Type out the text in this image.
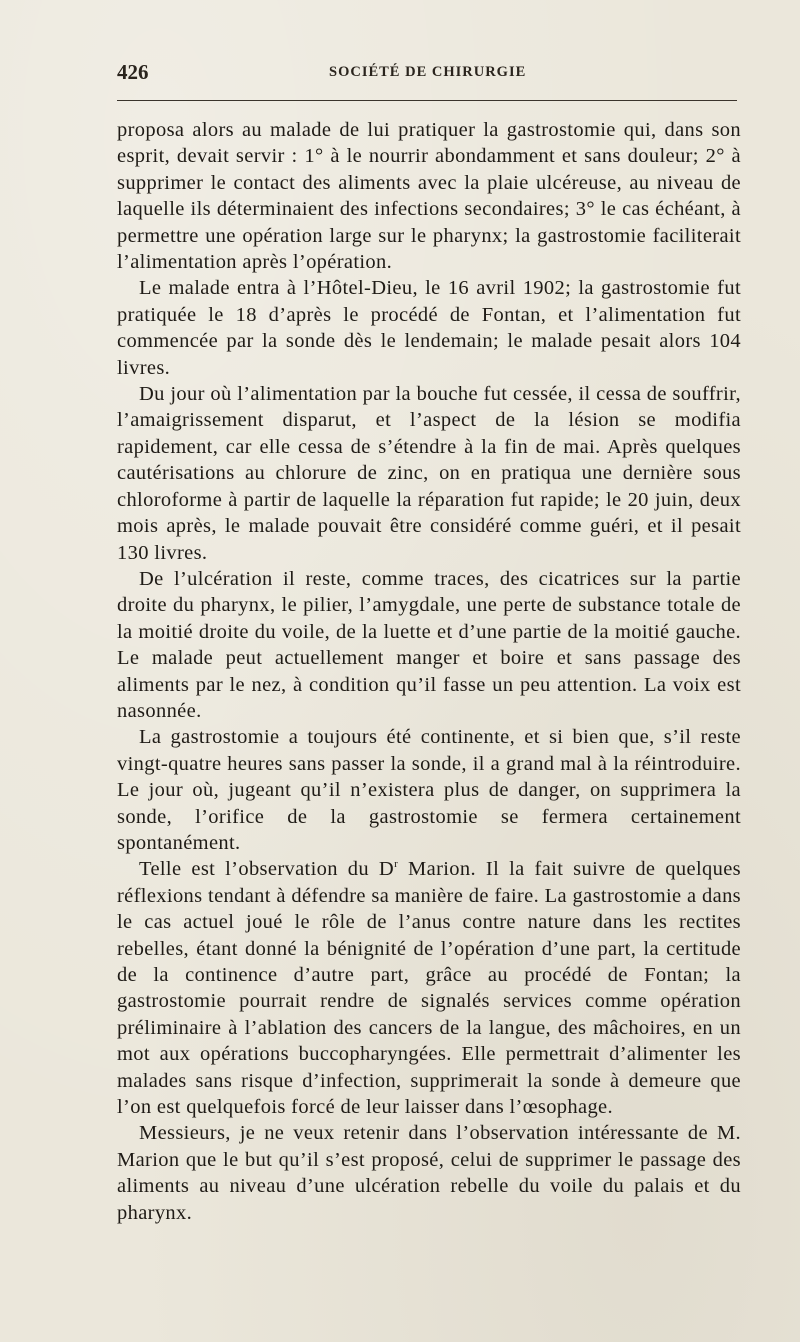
426	SOCIÉTÉ DE CHIRURGIE

proposa alors au malade de lui pratiquer la gastrostomie qui, dans son esprit, devait servir : 1° à le nourrir abondamment et sans douleur; 2° à supprimer le contact des aliments avec la plaie ulcéreuse, au niveau de laquelle ils déterminaient des infections secondaires; 3° le cas échéant, à permettre une opération large sur le pharynx; la gastrostomie faciliterait l’alimentation après l’opération.

Le malade entra à l’Hôtel-Dieu, le 16 avril 1902; la gastrostomie fut pratiquée le 18 d’après le procédé de Fontan, et l’alimentation fut commencée par la sonde dès le lendemain; le malade pesait alors 104 livres.

Du jour où l’alimentation par la bouche fut cessée, il cessa de souffrir, l’amaigrissement disparut, et l’aspect de la lésion se modifia rapidement, car elle cessa de s’étendre à la fin de mai. Après quelques cautérisations au chlorure de zinc, on en pratiqua une dernière sous chloroforme à partir de laquelle la réparation fut rapide; le 20 juin, deux mois après, le malade pouvait être considéré comme guéri, et il pesait 130 livres.

De l’ulcération il reste, comme traces, des cicatrices sur la partie droite du pharynx, le pilier, l’amygdale, une perte de substance totale de la moitié droite du voile, de la luette et d’une partie de la moitié gauche. Le malade peut actuellement manger et boire et sans passage des aliments par le nez, à condition qu’il fasse un peu attention. La voix est nasonnée.

La gastrostomie a toujours été continente, et si bien que, s’il reste vingt-quatre heures sans passer la sonde, il a grand mal à la réintroduire. Le jour où, jugeant qu’il n’existera plus de danger, on supprimera la sonde, l’orifice de la gastrostomie se fermera certainement spontanément.

Telle est l’observation du $D^r$ Marion. Il la fait suivre de quelques réflexions tendant à défendre sa manière de faire. La gastrostomie a dans le cas actuel joué le rôle de l’anus contre nature dans les rectites rebelles, étant donné la bénignité de l’opération d’une part, la certitude de la continence d’autre part, grâce au procédé de Fontan; la gastrostomie pourrait rendre de signalés services comme opération préliminaire à l’ablation des cancers de la langue, des mâchoires, en un mot aux opérations buccopharyngées. Elle permettrait d’alimenter les malades sans risque d’infection, supprimerait la sonde à demeure que l’on est quelquefois forcé de leur laisser dans l’œsophage.

Messieurs, je ne veux retenir dans l’observation intéressante de M. Marion que le but qu’il s’est proposé, celui de supprimer le passage des aliments au niveau d’une ulcération rebelle du voile du palais et du pharynx.
